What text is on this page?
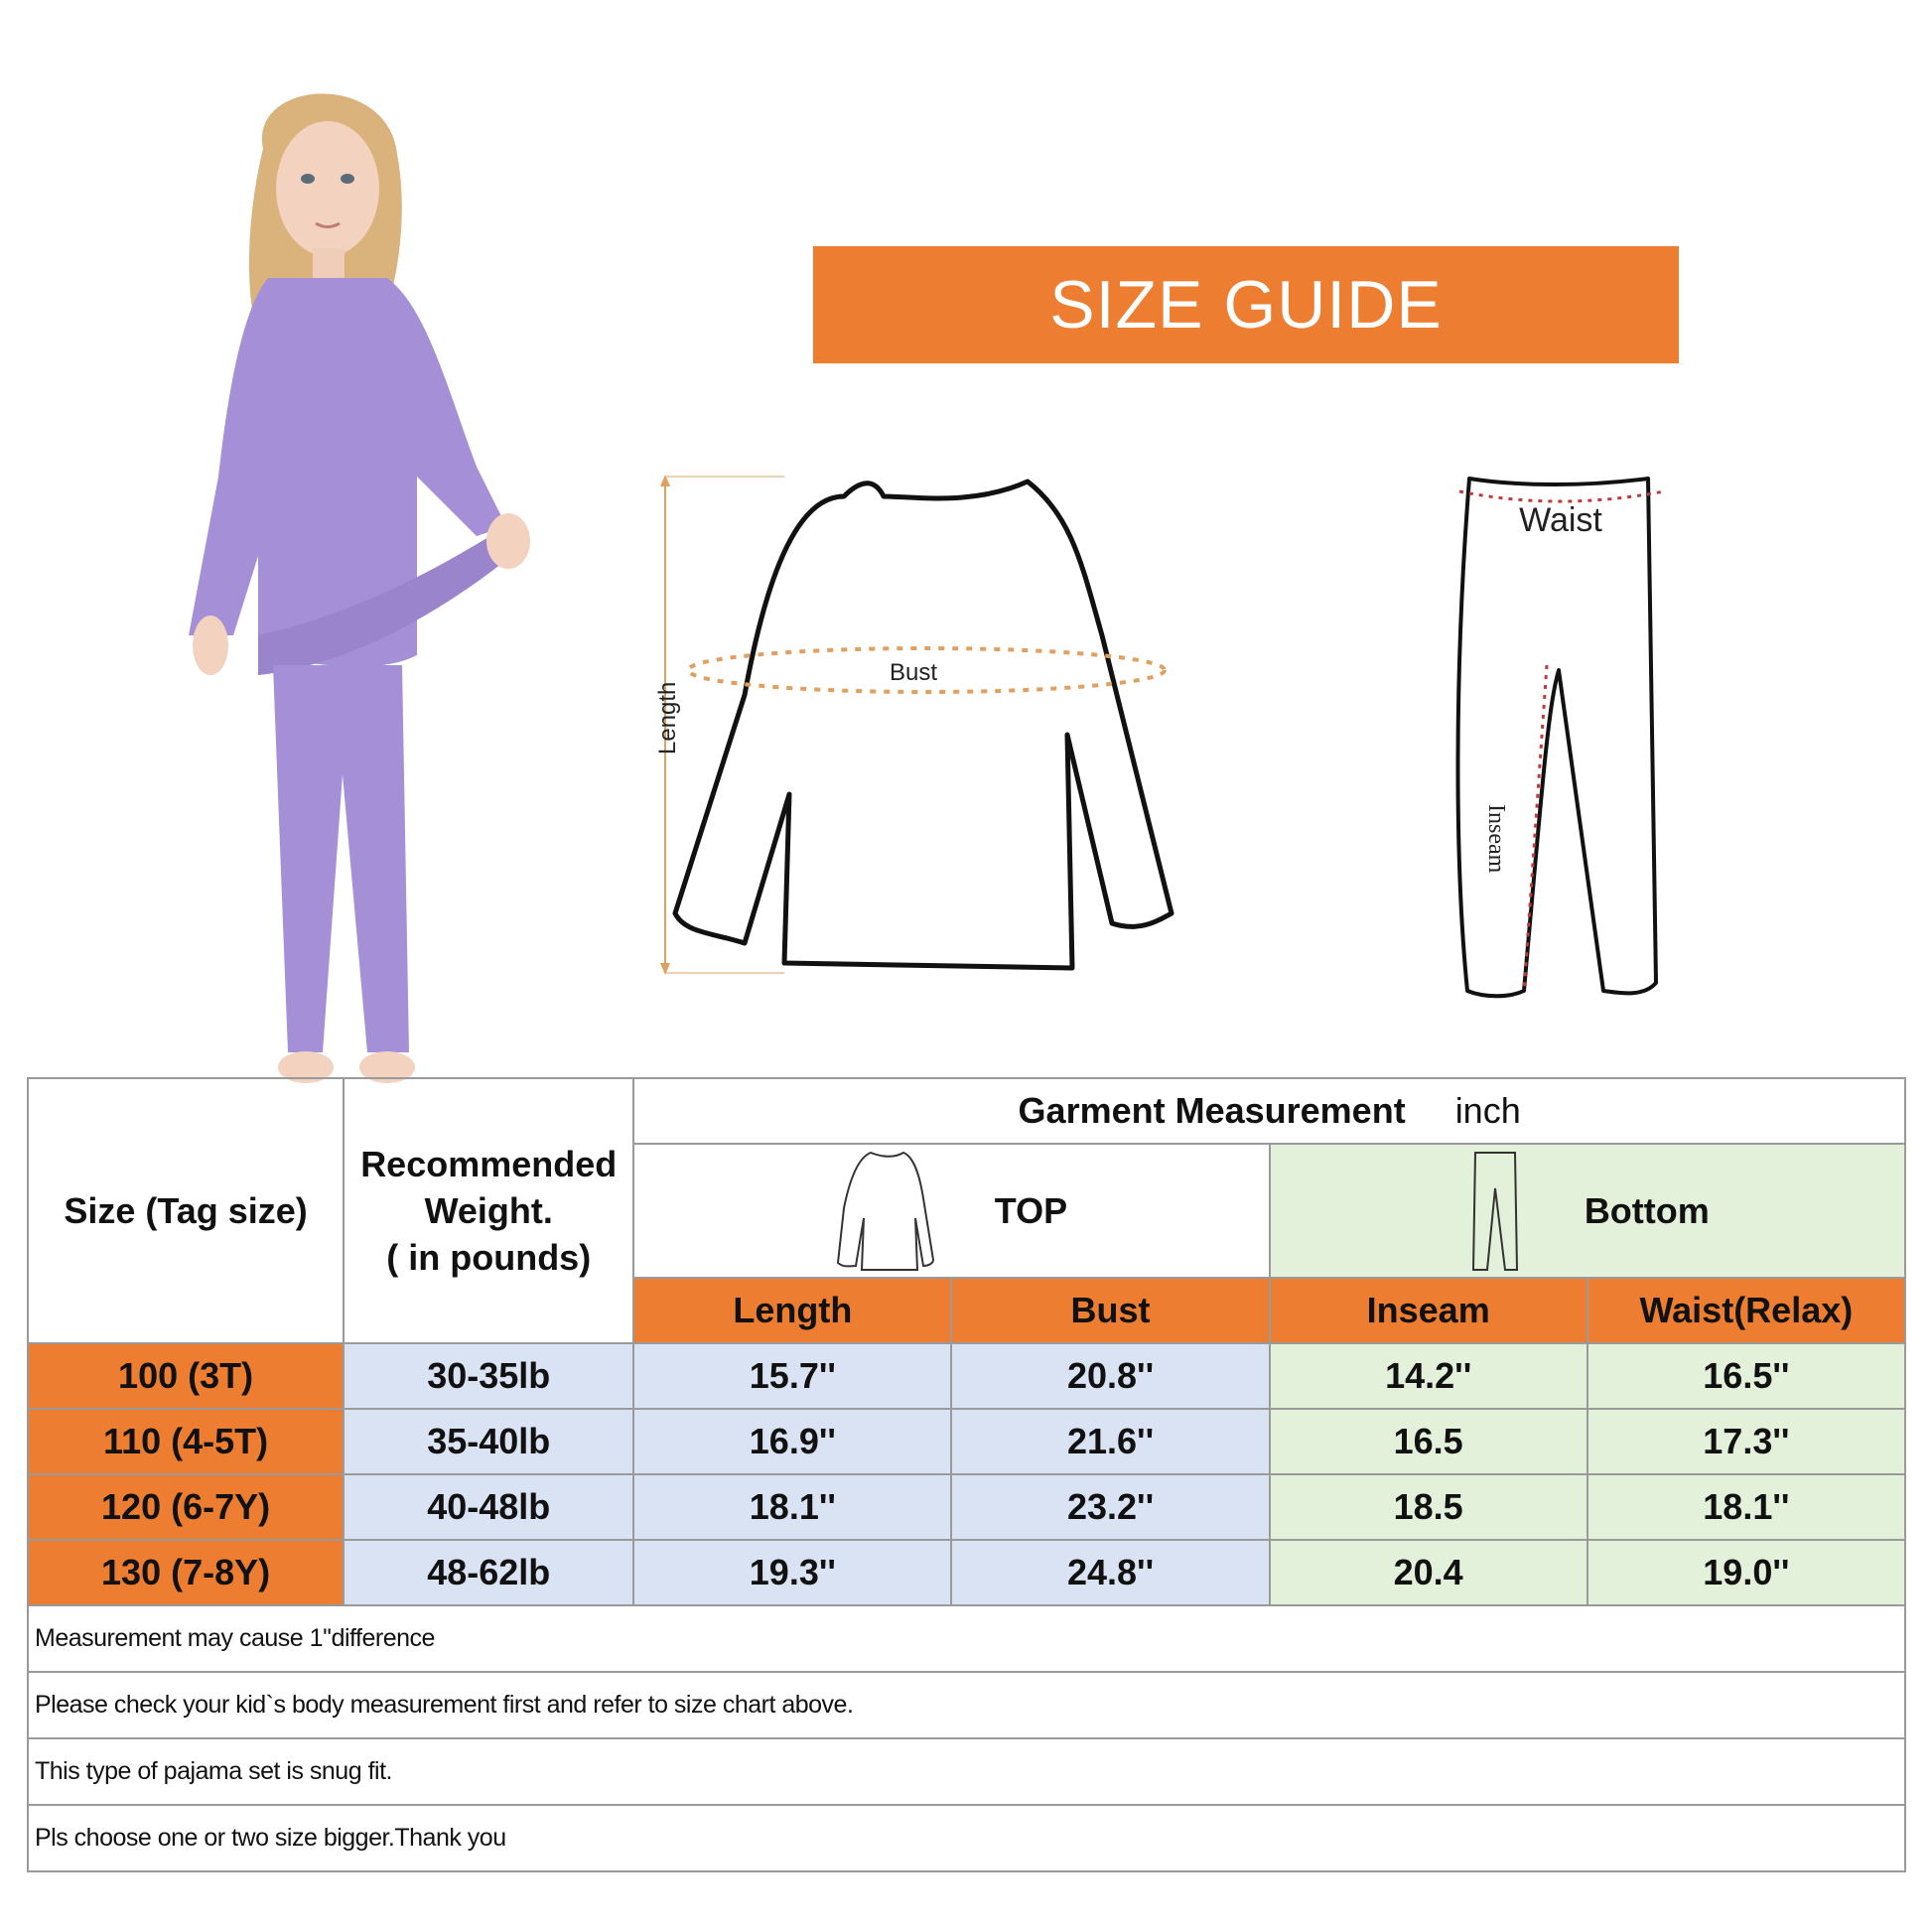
SIZE GUIDE
Bust
Length
Waist
Inseam
Size (Tag size)	Recommended
Weight.
( in pounds)	Garment Measurement inch			

		TOP		Bottom	

		Length	Bust	Inseam	Waist(Relax)
100 (3T)	30-35lb	15.7''	20.8''	14.2''	16.5''
110 (4-5T)	35-40lb	16.9''	21.6''	16.5	17.3''
120 (6-7Y)	40-48lb	18.1''	23.2''	18.5	18.1''
130 (7-8Y)	48-62lb	19.3''	24.8''	20.4	19.0''
Measurement may cause 1''difference					
Please check your kid`s body measurement first and refer to size chart above.					
This type of pajama set is snug fit.					
Pls choose one or two size bigger.Thank you					
